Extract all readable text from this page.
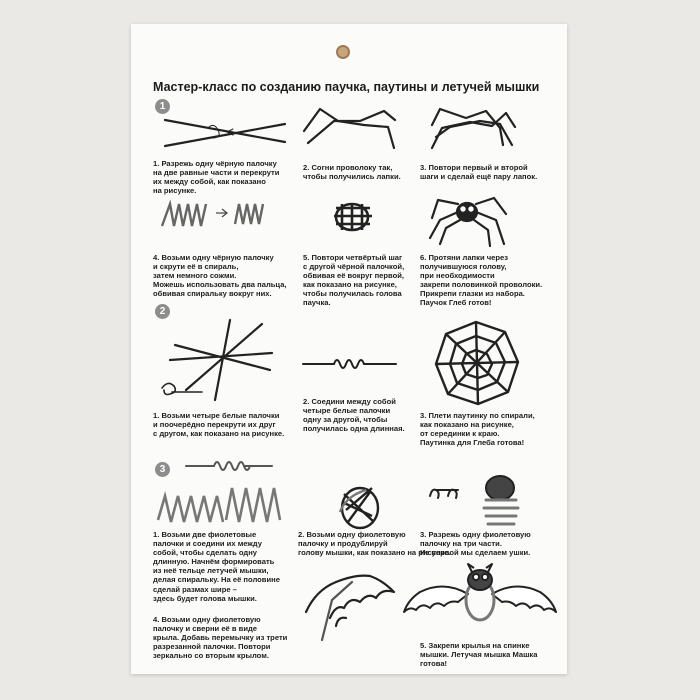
Мастер-класс по созданию паучка, паутины и летучей мышки
1
2
3
1. Разрежь одну чёрную палочку
на две равные части и перекрути
их между собой, как показано
на рисунке.
2. Согни проволоку так,
чтобы получились лапки.
3. Повтори первый и второй
шаги и сделай ещё пару лапок.
4. Возьми одну чёрную палочку
и скрути её в спираль,
затем немного сожми.
Можешь использовать два пальца,
обвивая спиральку вокруг них.
5. Повтори четвёртый шаг
с другой чёрной палочкой,
обвивая её вокруг первой,
как показано на рисунке,
чтобы получилась голова
паучка.
6. Протяни лапки через
получившуюся голову,
при необходимости
закрепи половинкой проволоки.
Прикрепи глазки из набора.
Паучок Глеб готов!
1. Возьми четыре белые палочки
и поочерёдно перекрути их друг
с другом, как показано на рисунке.
2. Соедини между собой
четыре белые палочки
одну за другой, чтобы
получилась одна длинная.
3. Плети паутинку по спирали,
как показано на рисунке,
от серединки к краю.
Паутинка для Глеба готова!
1. Возьми две фиолетовые
палочки и соедини их между
собой, чтобы сделать одну
длинную. Начнём формировать
из неё тельце летучей мышки,
делая спиральку. На её половине
сделай размах шире –
здесь будет голова мышки.
2. Возьми одну фиолетовую
палочку и продублируй
голову мышки, как показано на рисунке.
3. Разрежь одну фиолетовую
палочку на три части.
Из первой мы сделаем ушки.
4. Возьми одну фиолетовую
палочку и сверни её в виде
крыла. Добавь перемычку из трети
разрезанной палочки. Повтори
зеркально со вторым крылом.
5. Закрепи крылья на спинке
мышки. Летучая мышка Машка
готова!
